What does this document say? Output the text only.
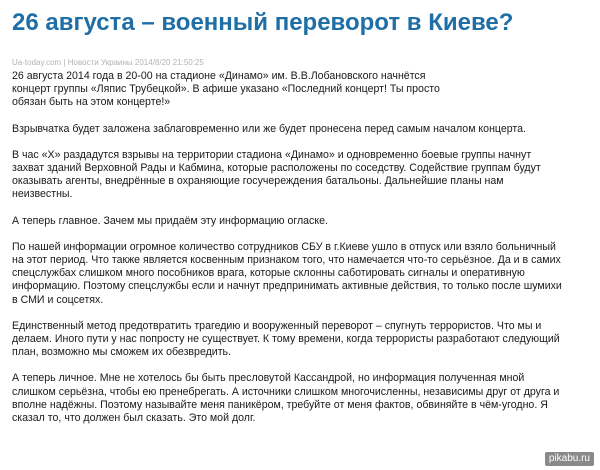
26 августа – военный переворот в Киеве?
Ua-today.com | Новости Украины 2014/8/20 21:50:25

26 августа 2014 года в 20-00 на стадионе «Динамо» им. В.В.Лобановского начнётся
концерт группы «Ляпис Трубецкой». В афише указано «Последний концерт! Ты просто
обязан быть на этом концерте!»

Взрывчатка будет заложена заблаговременно или же будет пронесена перед самым началом концерта.

В час «Х» раздадутся взрывы на территории стадиона «Динамо» и одновременно боевые группы начнут
захват зданий Верховной Рады и Кабмина, которые расположены по соседству. Содействие группам будут
оказывать агенты, внедрённые в охраняющие госучереждения батальоны. Дальнейшие планы нам
неизвестны.

А теперь главное. Зачем мы придаём эту информацию огласке.

По нашей информации огромное количество сотрудников СБУ в г.Киеве ушло в отпуск или взяло больничный
на этот период. Что также является косвенным признаком того, что намечается что-то серьёзное. Да и в самих
спецслужбах слишком много пособников врага, которые склонны саботировать сигналы и оперативную
информацию. Поэтому спецслужбы если и начнут предпринимать активные действия, то только после шумихи
в СМИ и соцсетях.

Единственный метод предотвратить трагедию и вооруженный переворот – спугнуть террористов. Что мы и
делаем. Иного пути у нас попросту не существует. К тому времени, когда террористы разработают следующий
план, возможно мы сможем их обезвредить.

А теперь личное. Мне не хотелось бы быть пресловутой Кассандрой, но информация полученная мной
слишком серьёзна, чтобы ею пренебрегать. А источники слишком многочисленны, независимы друг от друга и
вполне надёжны. Поэтому называйте меня паникёром, требуйте от меня фактов, обвиняйте в чём-угодно. Я
сказал то, что должен был сказать. Это мой долг.

pikabu.ru
